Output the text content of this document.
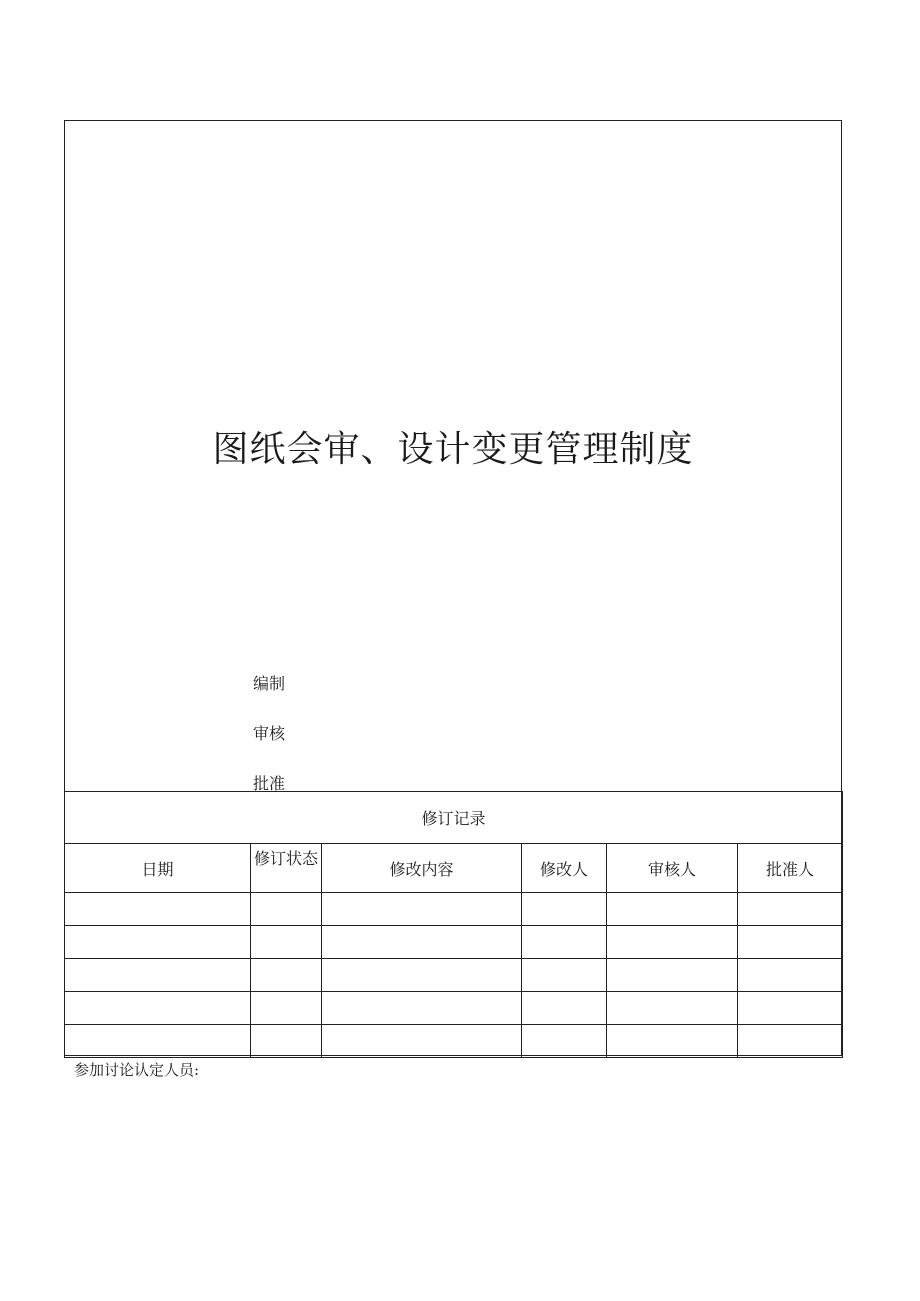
图纸会审、设计变更管理制度
编制
审核
批准
修订记录					
日期	修订状态	修改内容	修改人	审核人	批准人

参加讨论认定人员:
